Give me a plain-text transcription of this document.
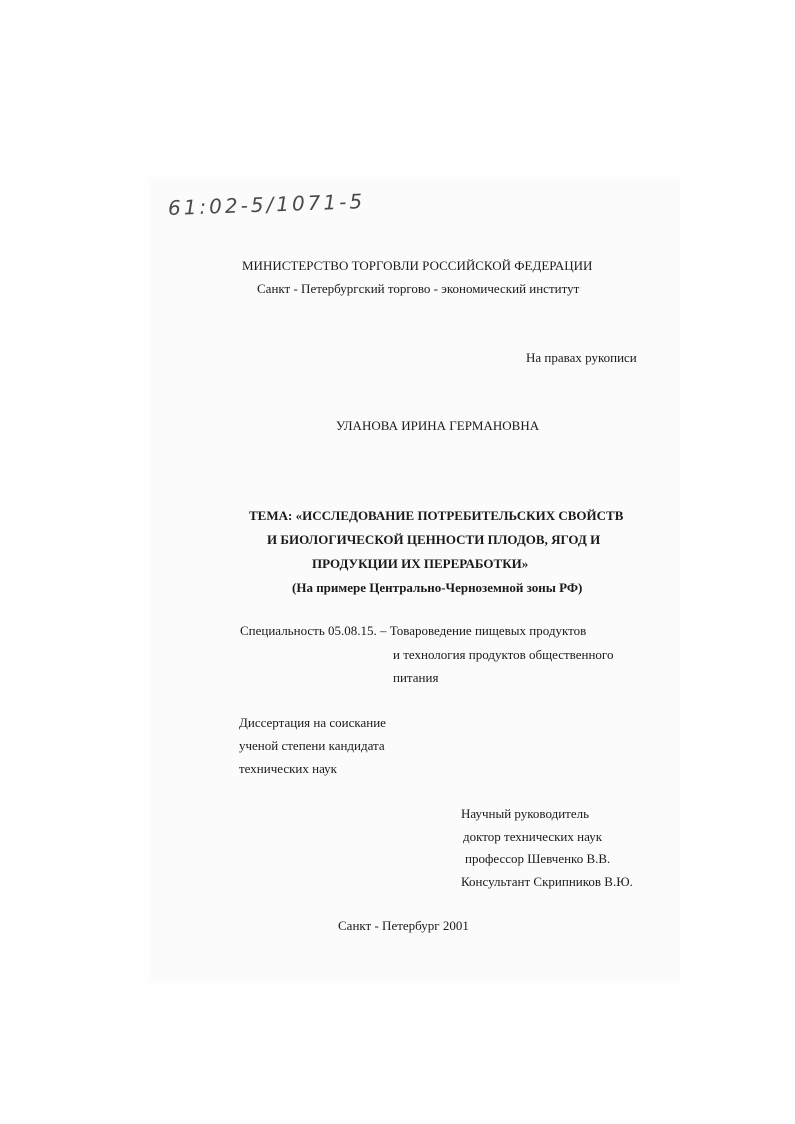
61:02-5/1071-5
МИНИСТЕРСТВО ТОРГОВЛИ РОССИЙСКОЙ ФЕДЕРАЦИИ
Санкт - Петербургский торгово - экономический институт
На правах рукописи
УЛАНОВА ИРИНА ГЕРМАНОВНА
ТЕМА: «ИССЛЕДОВАНИЕ ПОТРЕБИТЕЛЬСКИХ СВОЙСТВ
И БИОЛОГИЧЕСКОЙ ЦЕННОСТИ ПЛОДОВ, ЯГОД И
ПРОДУКЦИИ ИХ ПЕРЕРАБОТКИ»
(На примере Центрально-Черноземной зоны РФ)
Специальность 05.08.15. – Товароведение пищевых продуктов
и технология продуктов общественного
питания
Диссертация на соискание
ученой степени кандидата
технических наук
Научный руководитель
доктор технических наук
профессор Шевченко В.В.
Консультант Скрипников В.Ю.
Санкт - Петербург 2001
